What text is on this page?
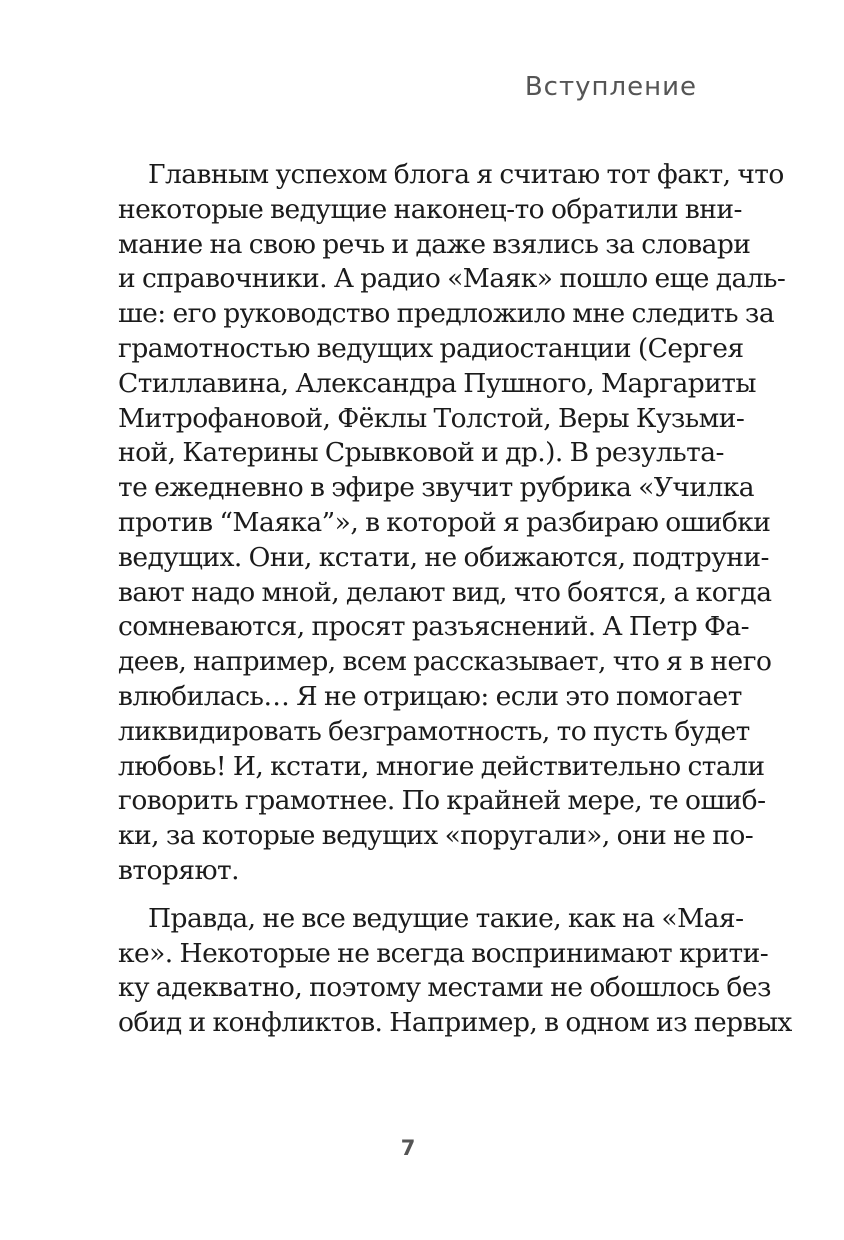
Вступление
Главным успехом блога я считаю тот факт, что
некоторые ведущие наконец-то обратили вни-
мание на свою речь и даже взялись за словари
и справочники. А радио «Маяк» пошло еще даль-
ше: его руководство предложило мне следить за
грамотностью ведущих радиостанции (Сергея
Стиллавина, Александра Пушного, Маргариты
Митрофановой, Фёклы Толстой, Веры Кузьми-
ной, Катерины Срывковой и др.). В результа-
те ежедневно в эфире звучит рубрика «Училка
против “Маяка”», в которой я разбираю ошибки
ведущих. Они, кстати, не обижаются, подтруни-
вают надо мной, делают вид, что боятся, а когда
сомневаются, просят разъяснений. А Петр Фа-
деев, например, всем рассказывает, что я в него
влюбилась… Я не отрицаю: если это помогает
ликвидировать безграмотность, то пусть будет
любовь! И, кстати, многие действительно стали
говорить грамотнее. По крайней мере, те ошиб-
ки, за которые ведущих «поругали», они не по-
вторяют.
Правда, не все ведущие такие, как на «Мая-
ке». Некоторые не всегда воспринимают крити-
ку адекватно, поэтому местами не обошлось без
обид и конфликтов. Например, в одном из первых
7
